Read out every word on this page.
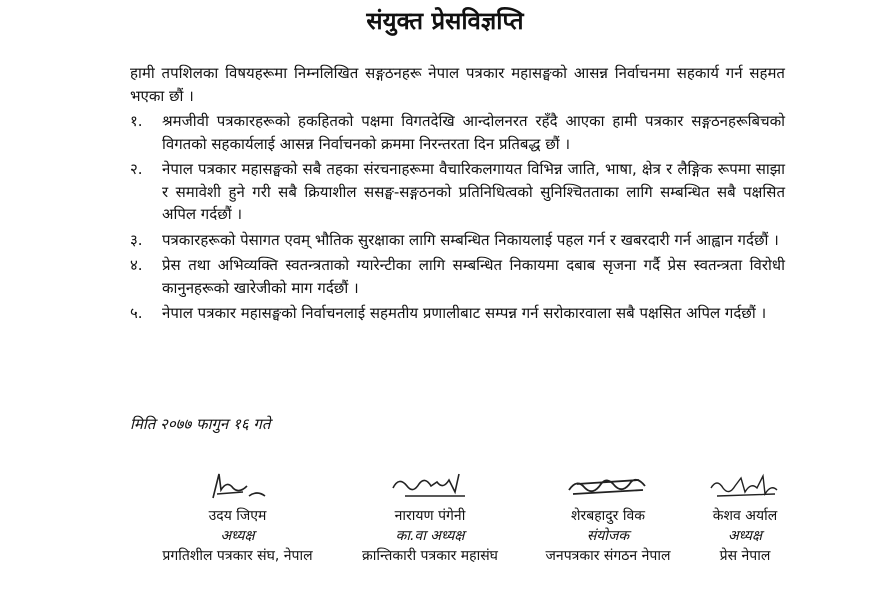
संयुक्त प्रेसविज्ञप्ति

हामी तपशिलका विषयहरूमा निम्नलिखित सङ्गठनहरू नेपाल पत्रकार महासङ्घको आसन्न निर्वाचनमा सहकार्य गर्न सहमत भएका छौं ।

१.	श्रमजीवी पत्रकारहरूको हकहितको पक्षमा विगतदेखि आन्दोलनरत रहँदै आएका हामी पत्रकार सङ्गठनहरूबिचको विगतको सहकार्यलाई आसन्न निर्वाचनको क्रममा निरन्तरता दिन प्रतिबद्ध छौं ।
२.	नेपाल पत्रकार महासङ्घको सबै तहका संरचनाहरूमा वैचारिकलगायत विभिन्न जाति, भाषा, क्षेत्र र लैङ्गिक रूपमा साझा र समावेशी हुने गरी सबै क्रियाशील ससङ्घ-सङ्गठनको प्रतिनिधित्वको सुनिश्चितताका लागि सम्बन्धित सबै पक्षसित अपिल गर्दछौं ।
३.	पत्रकारहरूको पेसागत एवम् भौतिक सुरक्षाका लागि सम्बन्धित निकायलाई पहल गर्न र खबरदारी गर्न आह्वान गर्दछौं ।
४.	प्रेस तथा अभिव्यक्ति स्वतन्त्रताको ग्यारेन्टीका लागि सम्बन्धित निकायमा दबाब सृजना गर्दै प्रेस स्वतन्त्रता विरोधी कानुनहरूको खारेजीको माग गर्दछौं ।
५.	नेपाल पत्रकार महासङ्घको निर्वाचनलाई सहमतीय प्रणालीबाट सम्पन्न गर्न सरोकारवाला सबै पक्षसित अपिल गर्दछौं ।
मिति २०७७ फागुन १६ गते
उदय जिएम
अध्यक्ष
प्रगतिशील पत्रकार संघ, नेपाल
नारायण पंगेनी
का.वा अध्यक्ष
क्रान्तिकारी पत्रकार महासंघ
शेरबहादुर विक
संयोजक
जनपत्रकार संगठन नेपाल
केशव अर्याल
अध्यक्ष
प्रेस नेपाल
